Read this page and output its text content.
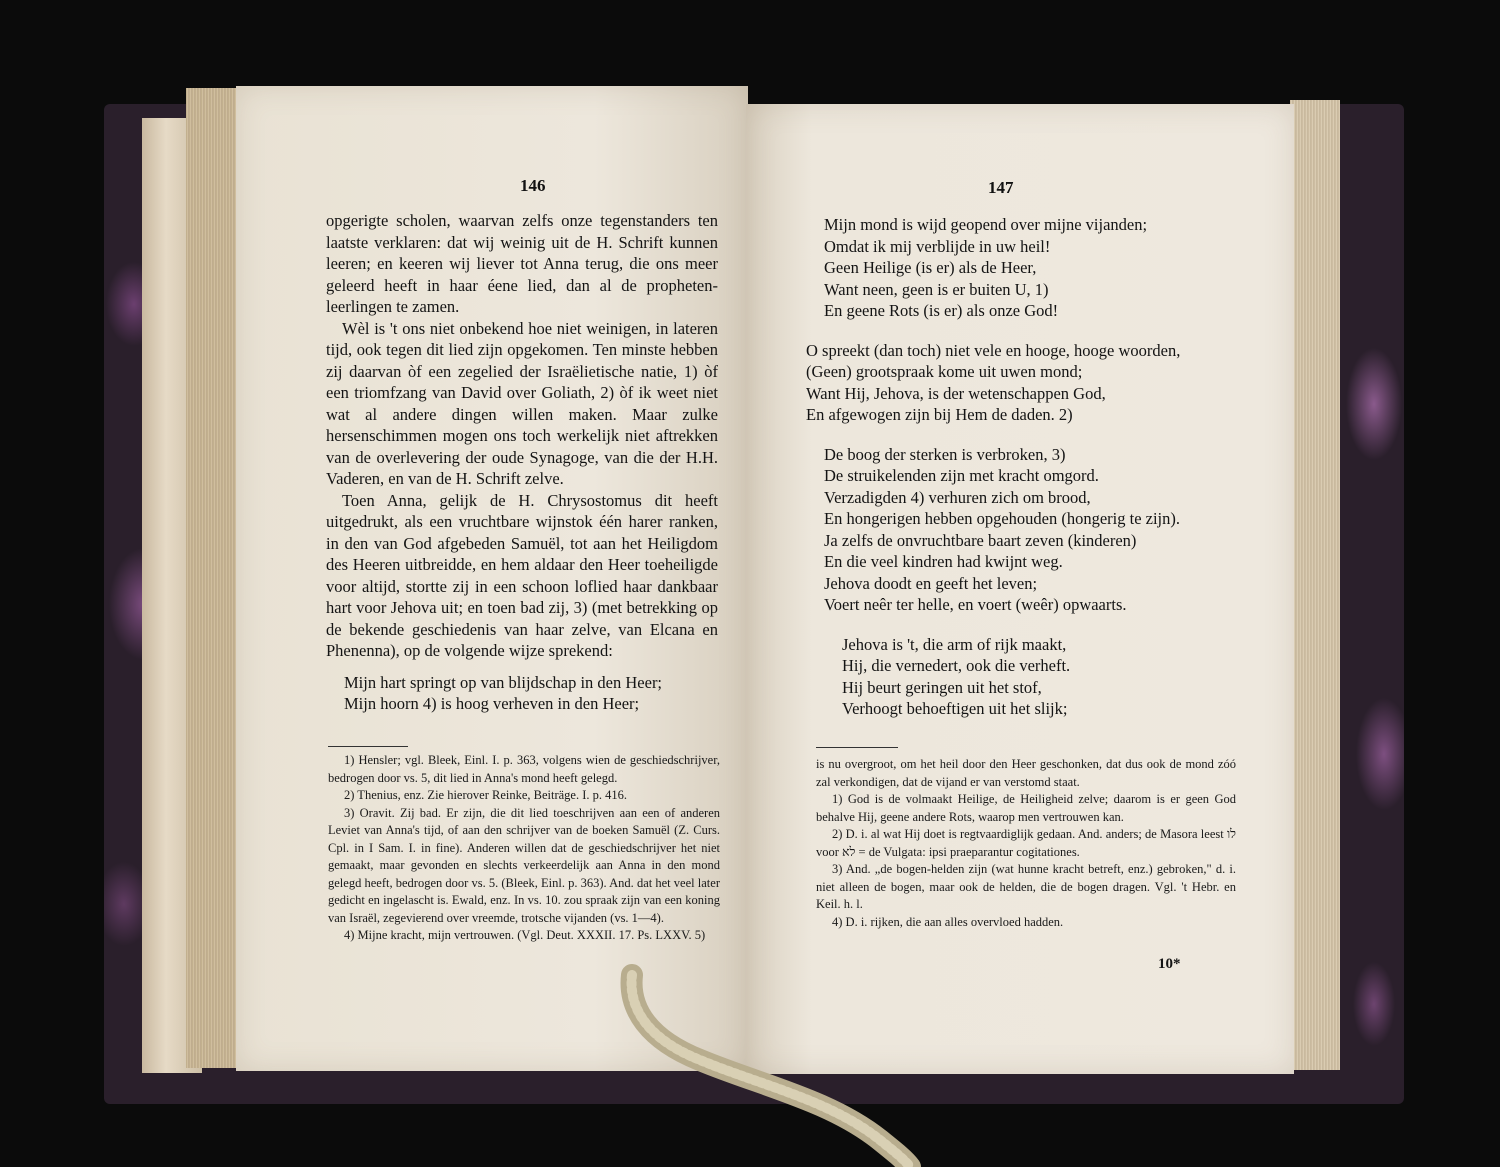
146

opgerigte scholen, waarvan zelfs onze tegenstanders ten laatste verklaren: dat wij weinig uit de H. Schrift kunnen leeren; en keeren wij liever tot Anna terug, die ons meer geleerd heeft in haar éene lied, dan al de propheten-leerlingen te zamen.

Wèl is 't ons niet onbekend hoe niet weinigen, in lateren tijd, ook tegen dit lied zijn opgekomen. Ten minste hebben zij daarvan òf een zegelied der Israëlietische natie, 1) òf een triomfzang van David over Goliath, 2) òf ik weet niet wat al andere dingen willen maken. Maar zulke hersenschimmen mogen ons toch werkelijk niet aftrekken van de overlevering der oude Synagoge, van die der H.H. Vaderen, en van de H. Schrift zelve.

Toen Anna, gelijk de H. Chrysostomus dit heeft uitgedrukt, als een vruchtbare wijnstok één harer ranken, in den van God afgebeden Samuël, tot aan het Heiligdom des Heeren uitbreidde, en hem aldaar den Heer toeheiligde voor altijd, stortte zij in een schoon loflied haar dankbaar hart voor Jehova uit; en toen bad zij, 3) (met betrekking op de bekende geschiedenis van haar zelve, van Elcana en Phenenna), op de volgende wijze sprekend:

Mijn hart springt op van blijdschap in den Heer;
Mijn hoorn 4) is hoog verheven in den Heer;

1) Hensler; vgl. Bleek, Einl. I. p. 363, volgens wien de geschiedschrijver, bedrogen door vs. 5, dit lied in Anna's mond heeft gelegd.

2) Thenius, enz. Zie hierover Reinke, Beiträge. I. p. 416.

3) Oravit. Zij bad. Er zijn, die dit lied toeschrijven aan een of anderen Leviet van Anna's tijd, of aan den schrijver van de boeken Samuël (Z. Curs. Cpl. in I Sam. I. in fine). Anderen willen dat de geschiedschrijver het niet gemaakt, maar gevonden en slechts verkeerdelijk aan Anna in den mond gelegd heeft, bedrogen door vs. 5. (Bleek, Einl. p. 363). And. dat het veel later gedicht en ingelascht is. Ewald, enz. In vs. 10. zou spraak zijn van een koning van Israël, zegevierend over vreemde, trotsche vijanden (vs. 1—4).

4) Mijne kracht, mijn vertrouwen. (Vgl. Deut. XXXII. 17. Ps. LXXV. 5)

147
Mijn mond is wijd geopend over mijne vijanden;
Omdat ik mij verblijde in uw heil!
Geen Heilige (is er) als de Heer,
Want neen, geen is er buiten U, 1)
En geene Rots (is er) als onze God!
O spreekt (dan toch) niet vele en hooge, hooge woorden,
(Geen) grootspraak kome uit uwen mond;
Want Hij, Jehova, is der wetenschappen God,
En afgewogen zijn bij Hem de daden. 2)
De boog der sterken is verbroken, 3)
De struikelenden zijn met kracht omgord.
Verzadigden 4) verhuren zich om brood,
En hongerigen hebben opgehouden (hongerig te zijn).
Ja zelfs de onvruchtbare baart zeven (kinderen)
En die veel kindren had kwijnt weg.
Jehova doodt en geeft het leven;
Voert neêr ter helle, en voert (weêr) opwaarts.
Jehova is 't, die arm of rijk maakt,
Hij, die vernedert, ook die verheft.
Hij beurt geringen uit het stof,
Verhoogt behoeftigen uit het slijk;

is nu overgroot, om het heil door den Heer geschonken, dat dus ook de mond zóó zal verkondigen, dat de vijand er van verstomd staat.

1) God is de volmaakt Heilige, de Heiligheid zelve; daarom is er geen God behalve Hij, geene andere Rots, waarop men vertrouwen kan.

2) D. i. al wat Hij doet is regtvaardiglijk gedaan. And. anders; de Masora leest לו voor לא = de Vulgata: ipsi praeparantur cogitationes.

3) And. „de bogen-helden zijn (wat hunne kracht betreft, enz.) gebroken," d. i. niet alleen de bogen, maar ook de helden, die de bogen dragen. Vgl. 't Hebr. en Keil. h. l.

4) D. i. rijken, die aan alles overvloed hadden.

10*
